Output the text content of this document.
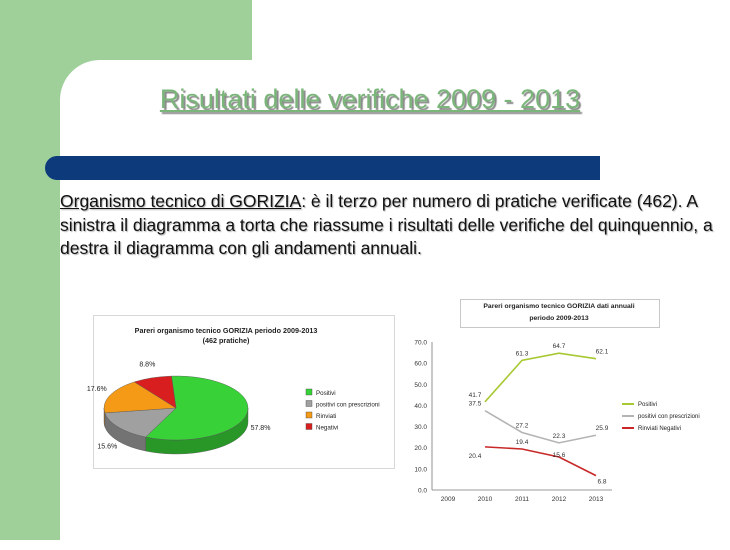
Risultati delle verifiche 2009 - 2013
Organismo tecnico di GORIZIA: è il terzo per numero di pratiche verificate (462). A sinistra il diagramma a torta che riassume i risultati delle verifiche del quinquennio, a destra il diagramma con gli andamenti annuali.
Pareri organismo tecnico GORIZIA periodo 2009-2013
(462 pratiche)
57.8%
15.6%
17.6%
8.8%
Positivi
positivi con prescrizioni
Rinviati
Negativi
Pareri organismo tecnico GORIZIA dati annuali
periodo 2009-2013
70.0
60.0
50.0
40.0
30.0
20.0
10.0
0.0
2009	2010	2011	2012	2013
41.7
61.3
64.7
62.1
37.5
27.2
22.3
25.9
20.4
19.4
15.6
6.8
Positivi
positivi con prescrizioni
Rinviati Negativi
